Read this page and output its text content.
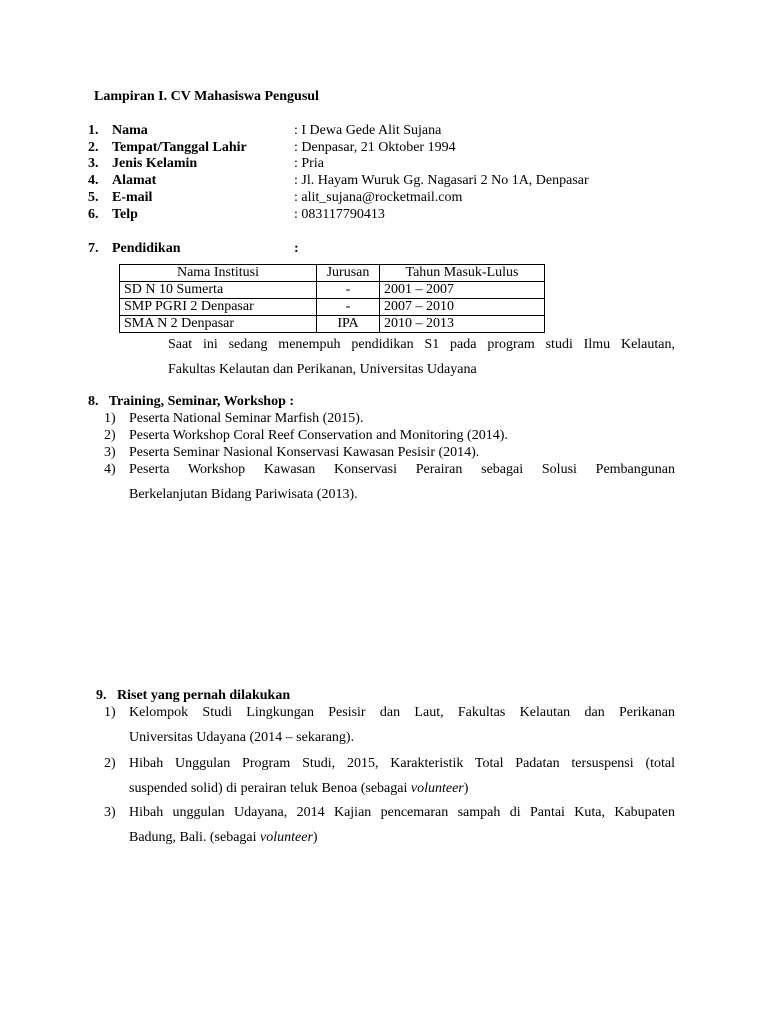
Lampiran I. CV Mahasiswa Pengusul
1. Nama	: I Dewa Gede Alit Sujana
2. Tempat/Tanggal Lahir	: Denpasar, 21 Oktober 1994
3. Jenis Kelamin	: Pria
4. Alamat	: Jl. Hayam Wuruk Gg. Nagasari 2 No 1A, Denpasar
5. E-mail	: alit_sujana@rocketmail.com
6. Telp	: 083117790413
7. Pendidikan	:
Nama Institusi	Jurusan	Tahun Masuk-Lulus
SD N 10 Sumerta	-	2001 – 2007
SMP PGRI 2 Denpasar	-	2007 – 2010
SMA N 2 Denpasar	IPA	2010 – 2013
Saat ini sedang menempuh pendidikan S1 pada program studi Ilmu Kelautan,
Fakultas Kelautan dan Perikanan, Universitas Udayana
8.   Training, Seminar, Workshop :
1) Peserta National Seminar Marfish (2015).
2) Peserta Workshop Coral Reef Conservation and Monitoring (2014).
3) Peserta Seminar Nasional Konservasi Kawasan Pesisir (2014).
4) Peserta Workshop Kawasan Konservasi Perairan sebagai Solusi Pembangunan
Berkelanjutan Bidang Pariwisata (2013).
9.   Riset yang pernah dilakukan
1) Kelompok Studi Lingkungan Pesisir dan Laut, Fakultas Kelautan dan Perikanan
Universitas Udayana (2014 – sekarang).
2) Hibah Unggulan Program Studi, 2015, Karakteristik Total Padatan tersuspensi (total
suspended solid) di perairan teluk Benoa (sebagai volunteer)
3) Hibah unggulan Udayana, 2014 Kajian pencemaran sampah di Pantai Kuta, Kabupaten
Badung, Bali. (sebagai volunteer)
